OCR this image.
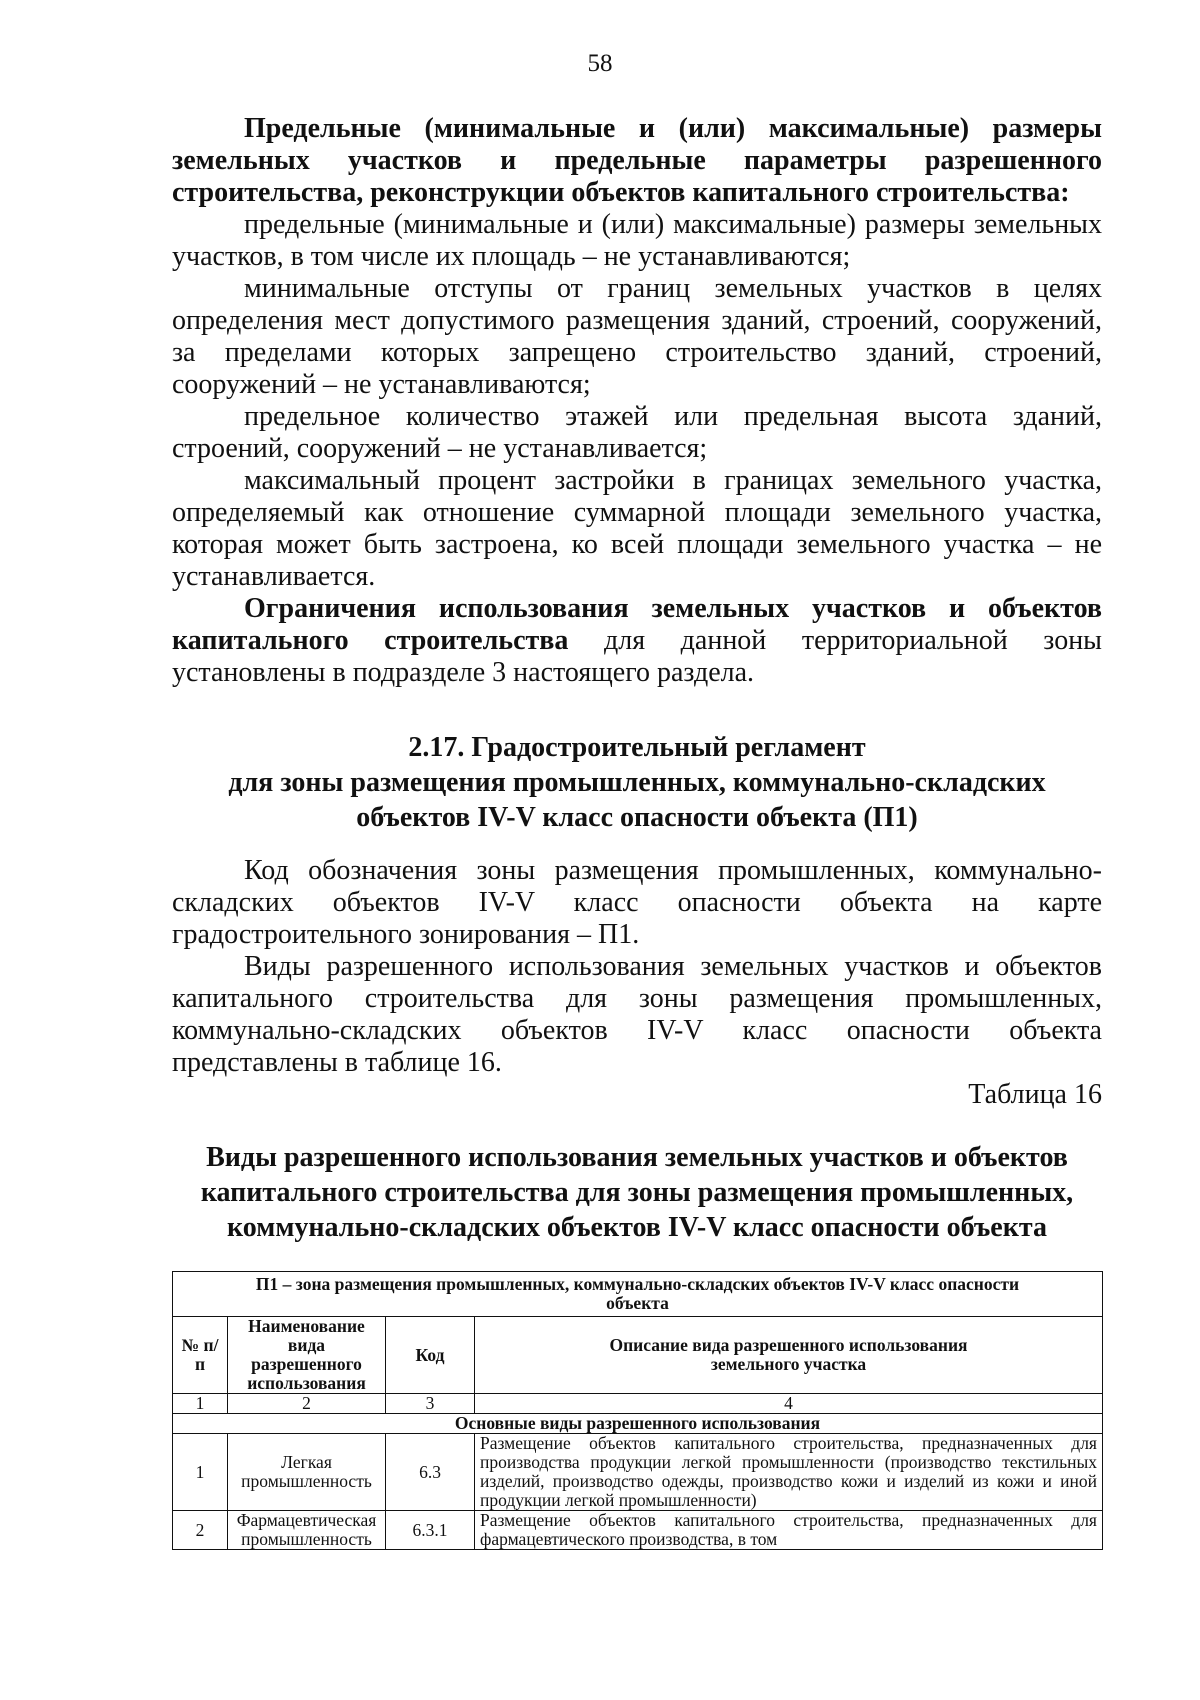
58

Предельные (минимальные и (или) максимальные) размеры земельных участков и предельные параметры разрешенного строительства, реконструкции объектов капитального строительства:

предельные (минимальные и (или) максимальные) размеры земельных участков, в том числе их площадь – не устанавливаются;

минимальные отступы от границ земельных участков в целях определения мест допустимого размещения зданий, строений, сооружений, за пределами которых запрещено строительство зданий, строений, сооружений – не устанавливаются;

предельное количество этажей или предельная высота зданий, строений, сооружений – не устанавливается;

максимальный процент застройки в границах земельного участка, определяемый как отношение суммарной площади земельного участка, которая может быть застроена, ко всей площади земельного участка – не устанавливается.

Ограничения использования земельных участков и объектов капитального строительства для данной территориальной зоны установлены в подразделе 3 настоящего раздела.

2.17. Градостроительный регламент
для зоны размещения промышленных, коммунально-складских
объектов IV-V класс опасности объекта (П1)

Код обозначения зоны размещения промышленных, коммунально-складских объектов IV-V класс опасности объекта на карте градостроительного зонирования – П1.

Виды разрешенного использования земельных участков и объектов капитального строительства для зоны размещения промышленных, коммунально-складских объектов IV-V класс опасности объекта представлены в таблице 16.

Таблица 16

Виды разрешенного использования земельных участков и объектов
капитального строительства для зоны размещения промышленных,
коммунально-складских объектов IV-V класс опасности объекта
П1 – зона размещения промышленных, коммунально-складских объектов IV-V класс опасности объекта			
№ п/п	Наименование вида разрешенного использования	Код	Описание вида разрешенного использования земельного участка
1	2	3	4
Основные виды разрешенного использования			
1	Легкая промышленность	6.3	Размещение объектов капитального строительства, предназначенных для производства продукции легкой промышленности (производство текстильных изделий, производство одежды, производство кожи и изделий из кожи и иной продукции легкой промышленности)
2	Фармацевтическая промышленность	6.3.1	Размещение объектов капитального строительства, предназначенных для фармацевтического производства, в том
